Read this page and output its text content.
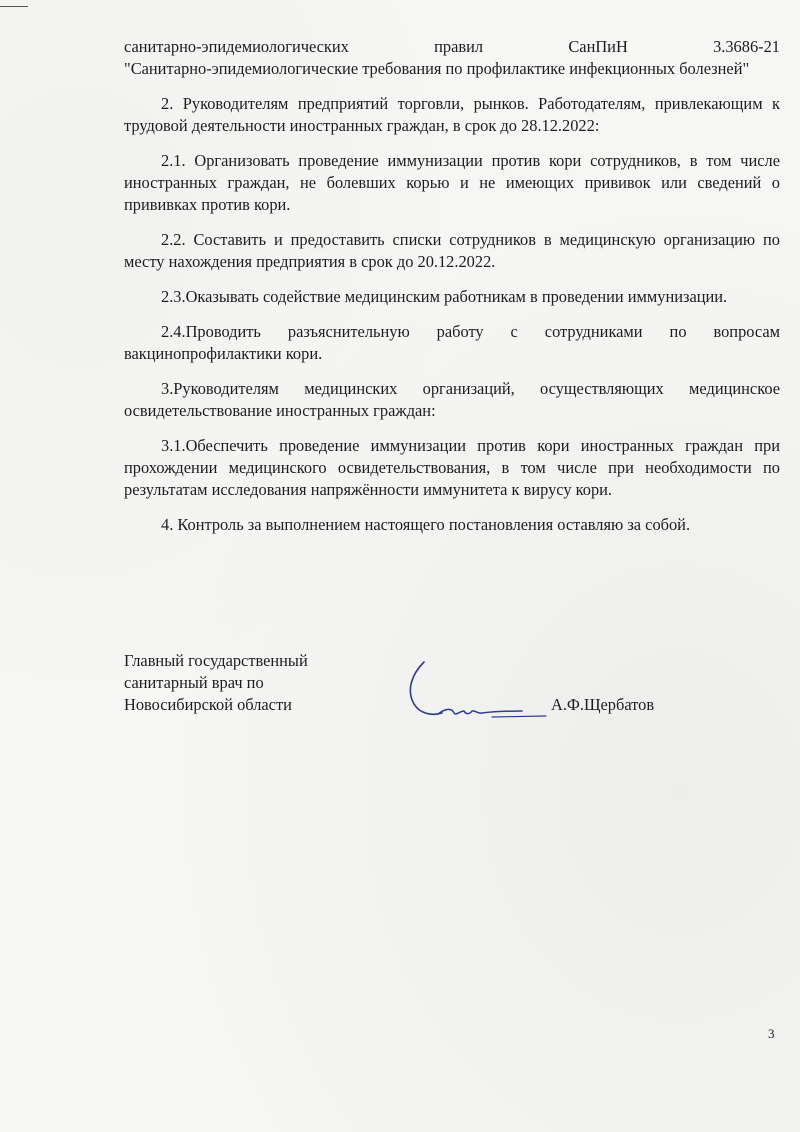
санитарно-эпидемиологических правил СанПиН 3.3686-21

"Санитарно-эпидемиологические требования по профилактике инфекционных болезней"

2. Руководителям предприятий торговли, рынков. Работодателям, привлекающим к трудовой деятельности иностранных граждан, в срок до 28.12.2022:

2.1. Организовать проведение иммунизации против кори сотрудников, в том числе иностранных граждан, не болевших корью и не имеющих прививок или сведений о прививках против кори.

2.2. Составить и предоставить списки сотрудников в медицинскую организацию по месту нахождения предприятия в срок до 20.12.2022.

2.3.Оказывать содействие медицинским работникам в проведении иммунизации.

2.4.Проводить разъяснительную работу с сотрудниками по вопросам вакцинопрофилактики кори.

3.Руководителям медицинских организаций, осуществляющих медицинское освидетельствование иностранных граждан:

3.1.Обеспечить проведение иммунизации против кори иностранных граждан при прохождении медицинского освидетельствования, в том числе при необходимости по результатам исследования напряжённости иммунитета к вирусу кори.

4. Контроль за выполнением настоящего постановления оставляю за собой.

Главный государственный

санитарный врач по

Новосибирской области	А.Ф.Щербатов
3
